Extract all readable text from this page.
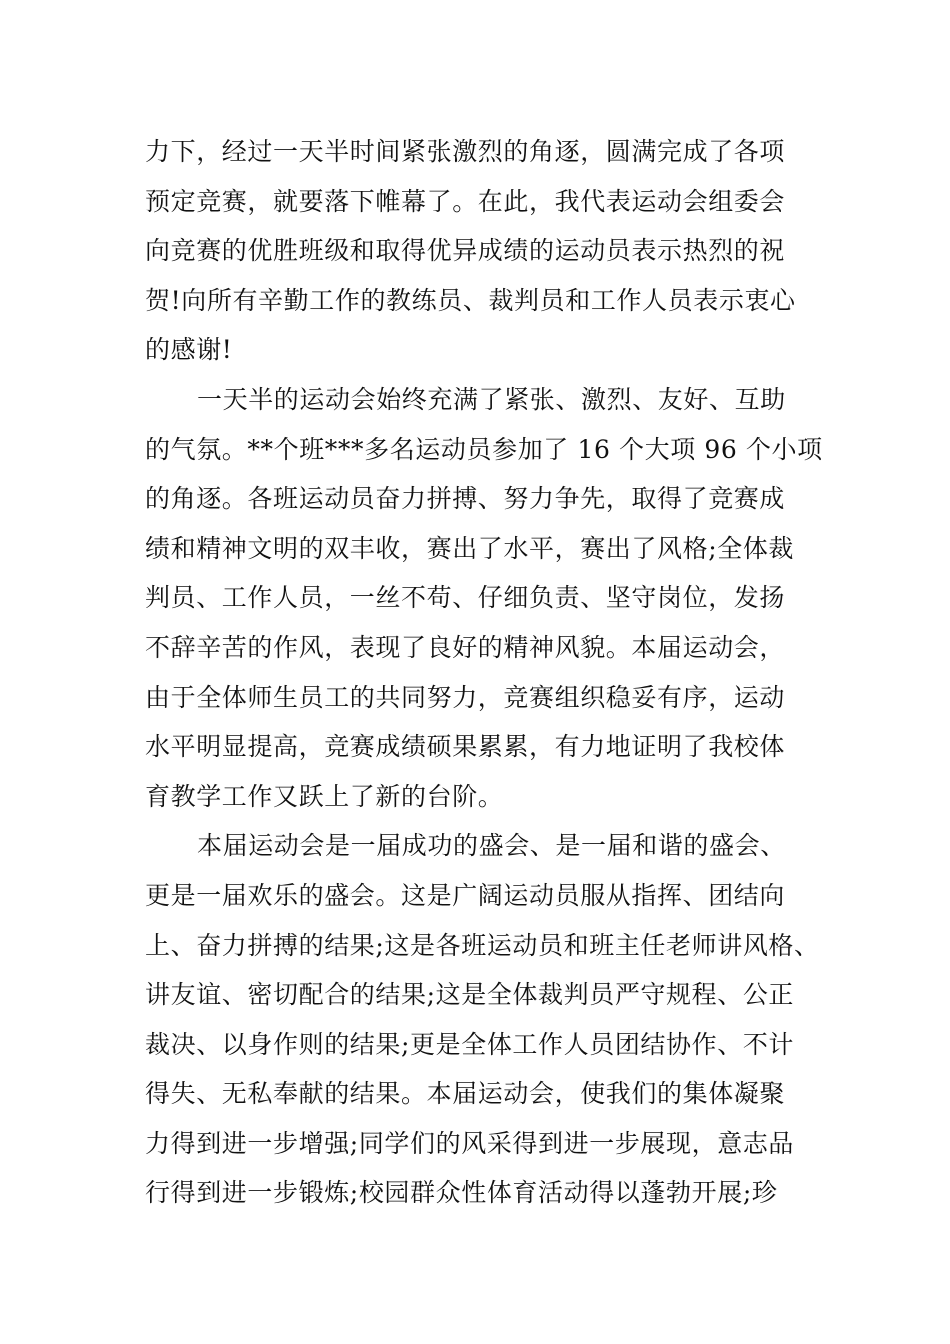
力下，经过一天半时间紧张激烈的角逐，圆满完成了各项
预定竞赛，就要落下帷幕了。在此，我代表运动会组委会
向竞赛的优胜班级和取得优异成绩的运动员表示热烈的祝
贺!向所有辛勤工作的教练员、裁判员和工作人员表示衷心
的感谢!
一天半的运动会始终充满了紧张、激烈、友好、互助
的气氛。**个班***多名运动员参加了 16 个大项 96 个小项
的角逐。各班运动员奋力拼搏、努力争先，取得了竞赛成
绩和精神文明的双丰收，赛出了水平，赛出了风格;全体裁
判员、工作人员，一丝不苟、仔细负责、坚守岗位，发扬
不辞辛苦的作风，表现了良好的精神风貌。本届运动会，
由于全体师生员工的共同努力，竞赛组织稳妥有序，运动
水平明显提高，竞赛成绩硕果累累，有力地证明了我校体
育教学工作又跃上了新的台阶。
本届运动会是一届成功的盛会、是一届和谐的盛会、
更是一届欢乐的盛会。这是广阔运动员服从指挥、团结向
上、奋力拼搏的结果;这是各班运动员和班主任老师讲风格、
讲友谊、密切配合的结果;这是全体裁判员严守规程、公正
裁决、以身作则的结果;更是全体工作人员团结协作、不计
得失、无私奉献的结果。本届运动会，使我们的集体凝聚
力得到进一步增强;同学们的风采得到进一步展现，意志品
行得到进一步锻炼;校园群众性体育活动得以蓬勃开展;珍
